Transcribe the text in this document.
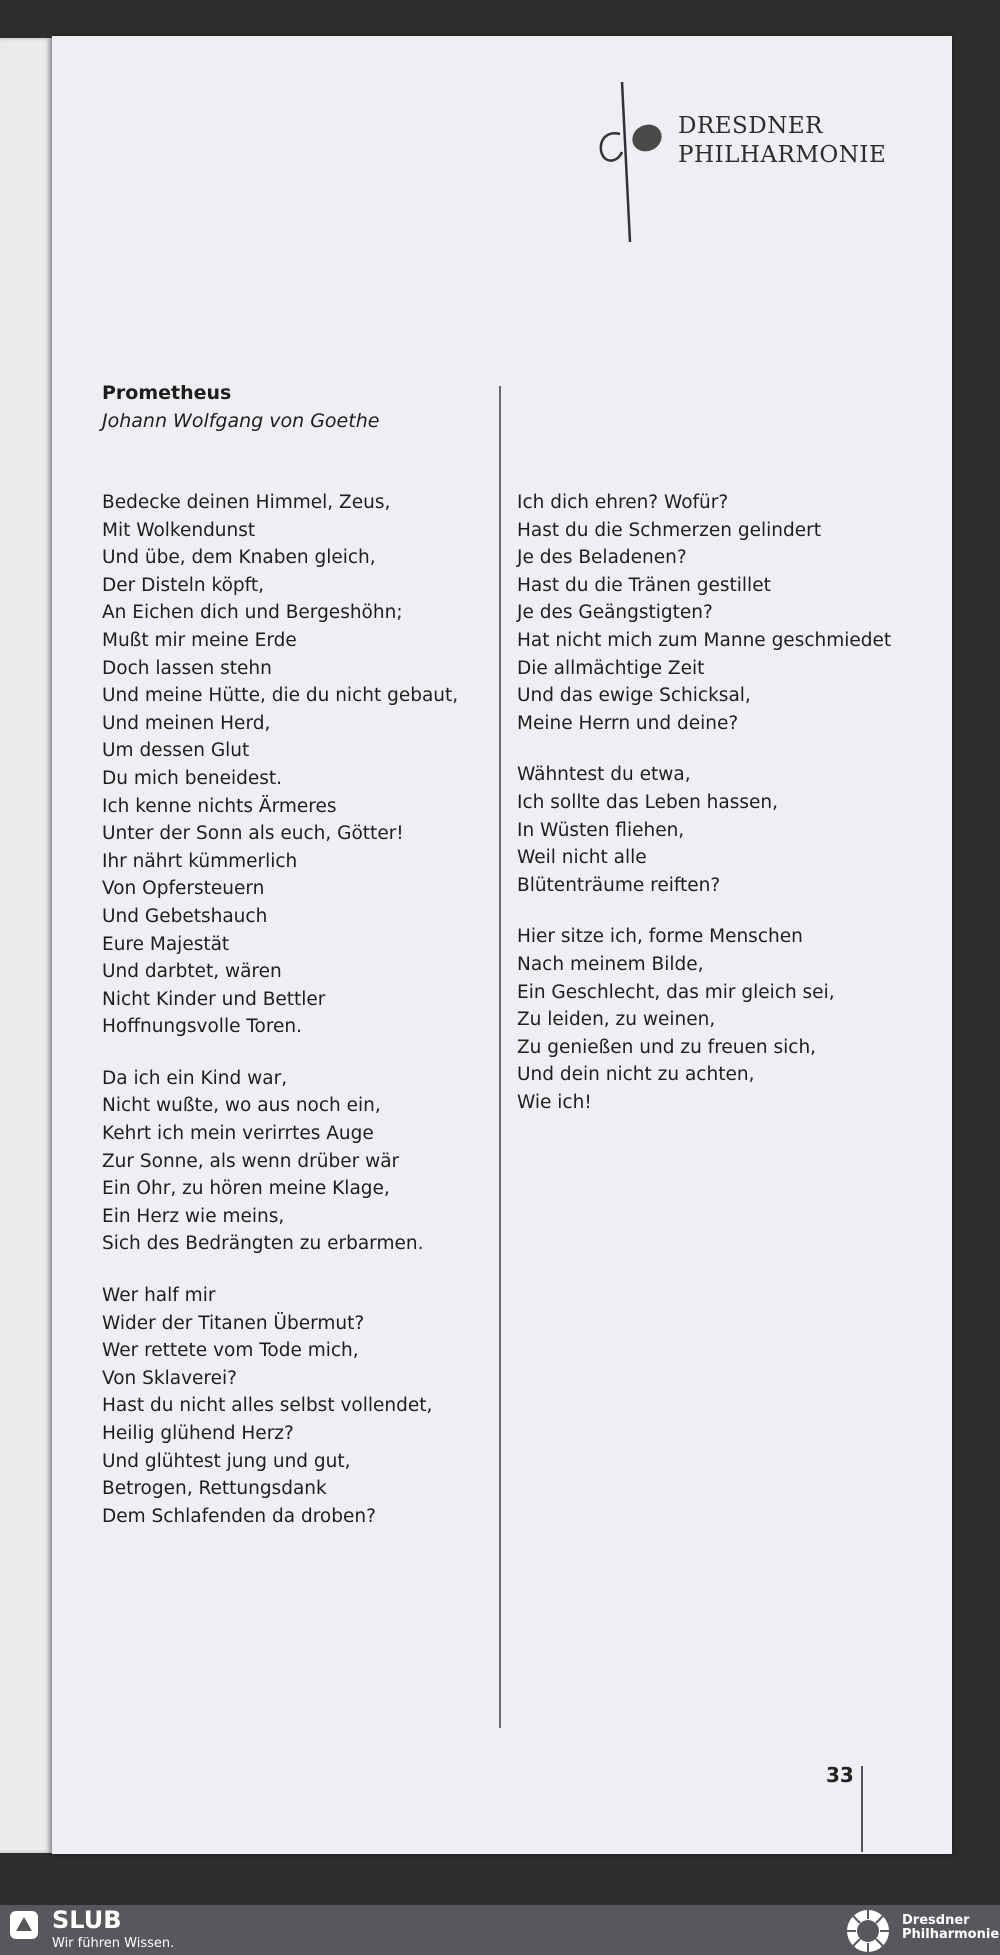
DRESDNER
PHILHARMONIE
Prometheus
Johann Wolfgang von Goethe
Bedecke deinen Himmel, Zeus,
Mit Wolkendunst
Und übe, dem Knaben gleich,
Der Disteln köpft,
An Eichen dich und Bergeshöhn;
Mußt mir meine Erde
Doch lassen stehn
Und meine Hütte, die du nicht gebaut,
Und meinen Herd,
Um dessen Glut
Du mich beneidest.
Ich kenne nichts Ärmeres
Unter der Sonn als euch, Götter!
Ihr nährt kümmerlich
Von Opfersteuern
Und Gebetshauch
Eure Majestät
Und darbtet, wären
Nicht Kinder und Bettler
Hoffnungsvolle Toren.
Da ich ein Kind war,
Nicht wußte, wo aus noch ein,
Kehrt ich mein verirrtes Auge
Zur Sonne, als wenn drüber wär
Ein Ohr, zu hören meine Klage,
Ein Herz wie meins,
Sich des Bedrängten zu erbarmen.
Wer half mir
Wider der Titanen Übermut?
Wer rettete vom Tode mich,
Von Sklaverei?
Hast du nicht alles selbst vollendet,
Heilig glühend Herz?
Und glühtest jung und gut,
Betrogen, Rettungsdank
Dem Schlafenden da droben?
Ich dich ehren? Wofür?
Hast du die Schmerzen gelindert
Je des Beladenen?
Hast du die Tränen gestillet
Je des Geängstigten?
Hat nicht mich zum Manne geschmiedet
Die allmächtige Zeit
Und das ewige Schicksal,
Meine Herrn und deine?
Wähntest du etwa,
Ich sollte das Leben hassen,
In Wüsten fliehen,
Weil nicht alle
Blütenträume reiften?
Hier sitze ich, forme Menschen
Nach meinem Bilde,
Ein Geschlecht, das mir gleich sei,
Zu leiden, zu weinen,
Zu genießen und zu freuen sich,
Und dein nicht zu achten,
Wie ich!
33
SLUB
Wir führen Wissen.
Dresdner
Philharmonie
